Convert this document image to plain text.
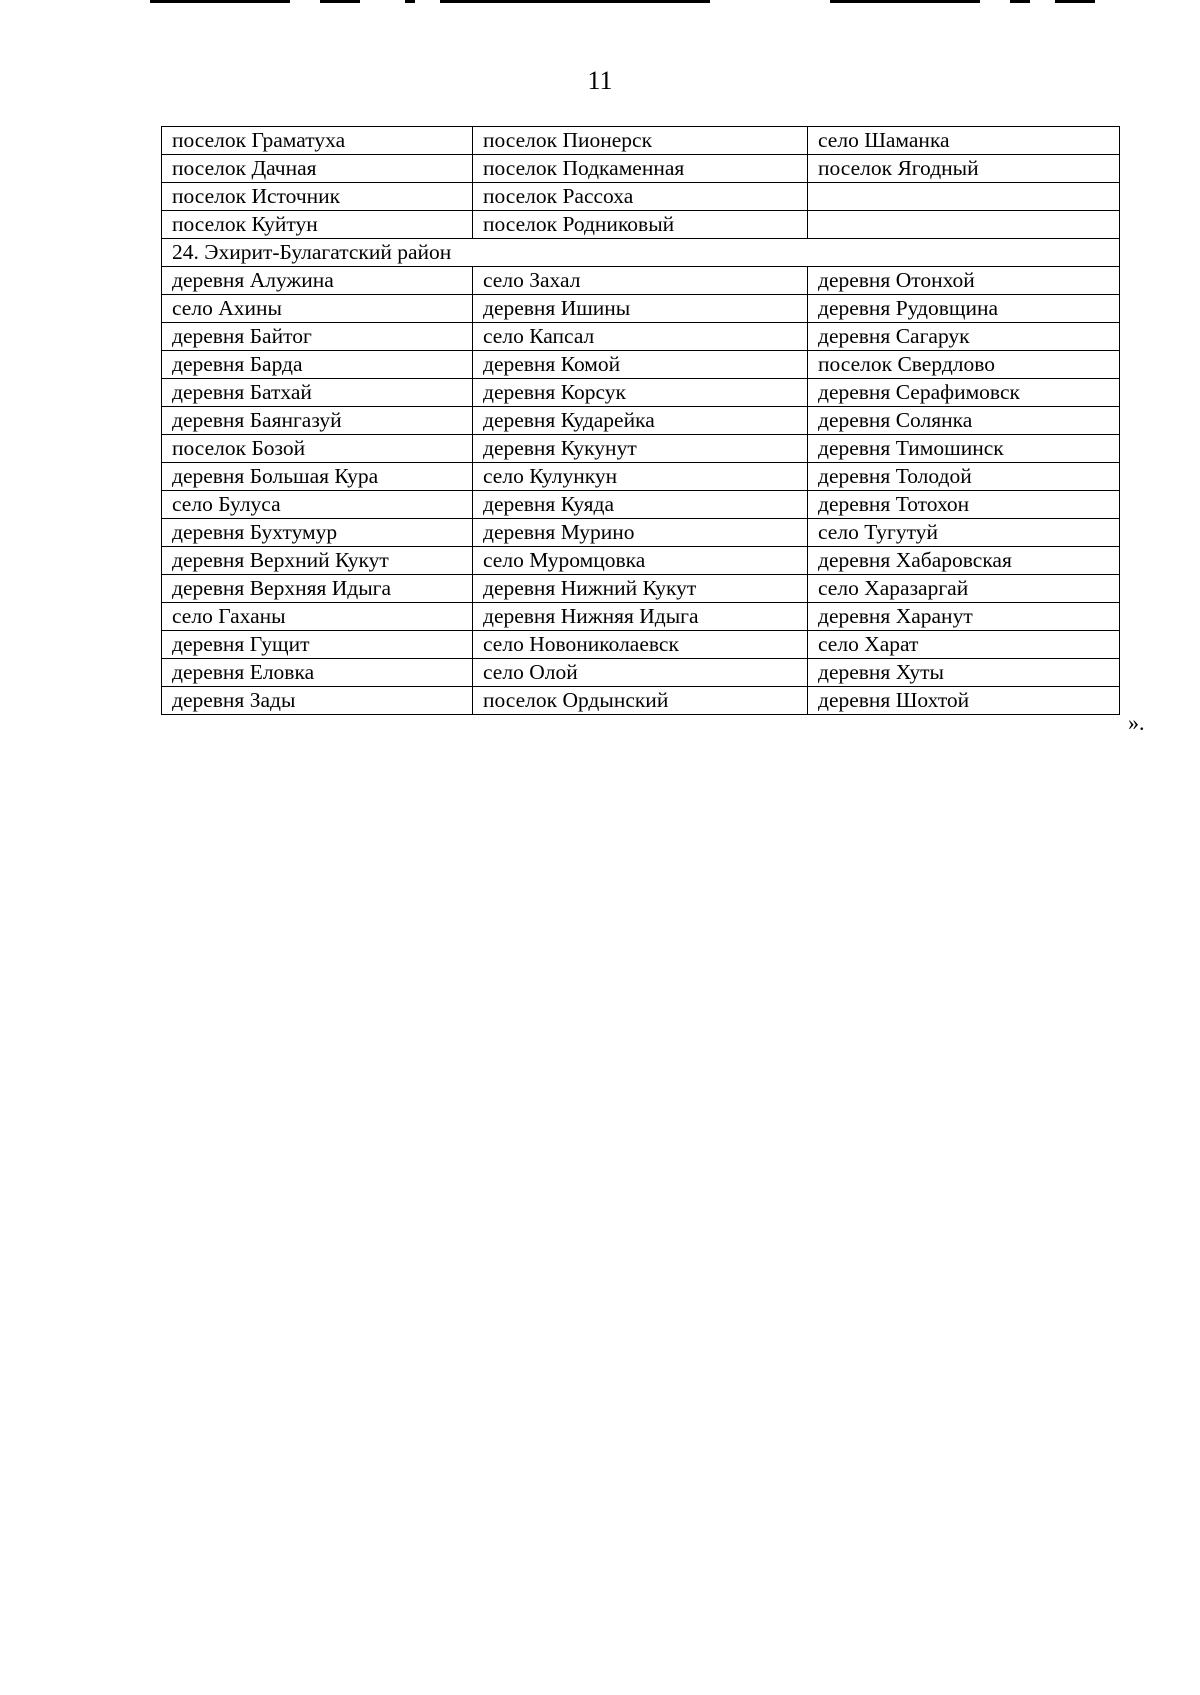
11
поселок Граматуха	поселок Пионерск	село Шаманка
поселок Дачная	поселок Подкаменная	поселок Ягодный
поселок Источник	поселок Рассоха	
поселок Куйтун	поселок Родниковый	
24. Эхирит-Булагатский район		
деревня Алужина	село Захал	деревня Отонхой
село Ахины	деревня Ишины	деревня Рудовщина
деревня Байтог	село Капсал	деревня Сагарук
деревня Барда	деревня Комой	поселок Свердлово
деревня Батхай	деревня Корсук	деревня Серафимовск
деревня Баянгазуй	деревня Кударейка	деревня Солянка
поселок Бозой	деревня Кукунут	деревня Тимошинск
деревня Большая Кура	село Кулункун	деревня Толодой
село Булуса	деревня Куяда	деревня Тотохон
деревня Бухтумур	деревня Мурино	село Тугутуй
деревня Верхний Кукут	село Муромцовка	деревня Хабаровская
деревня Верхняя Идыга	деревня Нижний Кукут	село Харазаргай
село Гаханы	деревня Нижняя Идыга	деревня Харанут
деревня Гущит	село Новониколаевск	село Харат
деревня Еловка	село Олой	деревня Хуты
деревня Зады	поселок Ордынский	деревня Шохтой
».
